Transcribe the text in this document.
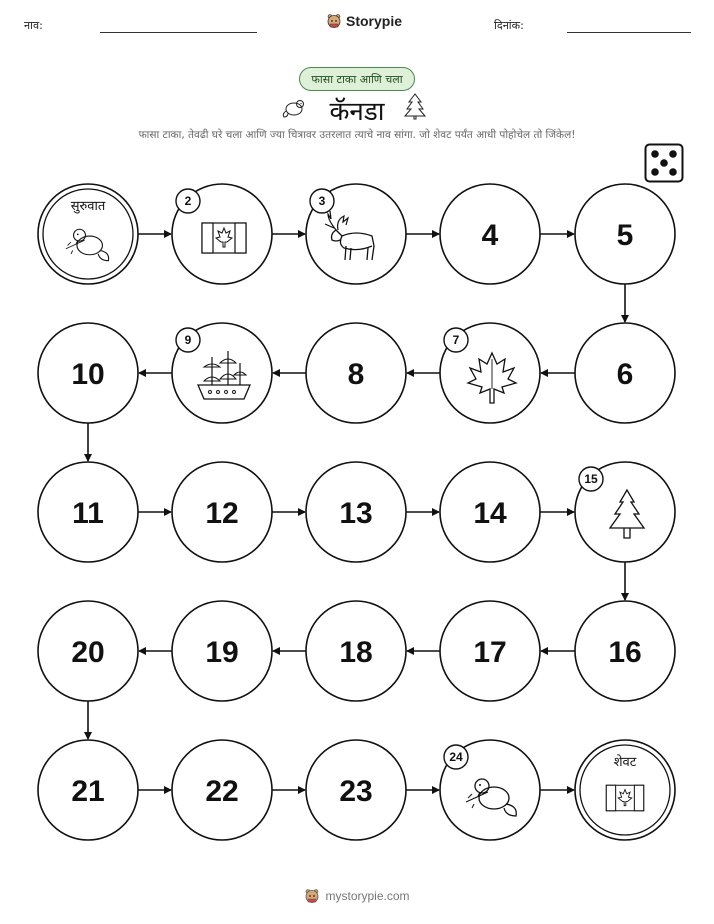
नाव:	Storypie	दिनांक:
फासा टाका आणि चला
कॅनडा
फासा टाका, तेवढी घरे चला आणि ज्या चित्रावर उतरलात त्याचे नाव सांगा. जो शेवट पर्यंत आधी पोहोचेल तो जिंकेल!
सुरुवात	2	3
4	5
6
7
8
9
10
11	12	13	14
15
16
17
18
19
20
21	22	23
24	शेवट
mystorypie.com
